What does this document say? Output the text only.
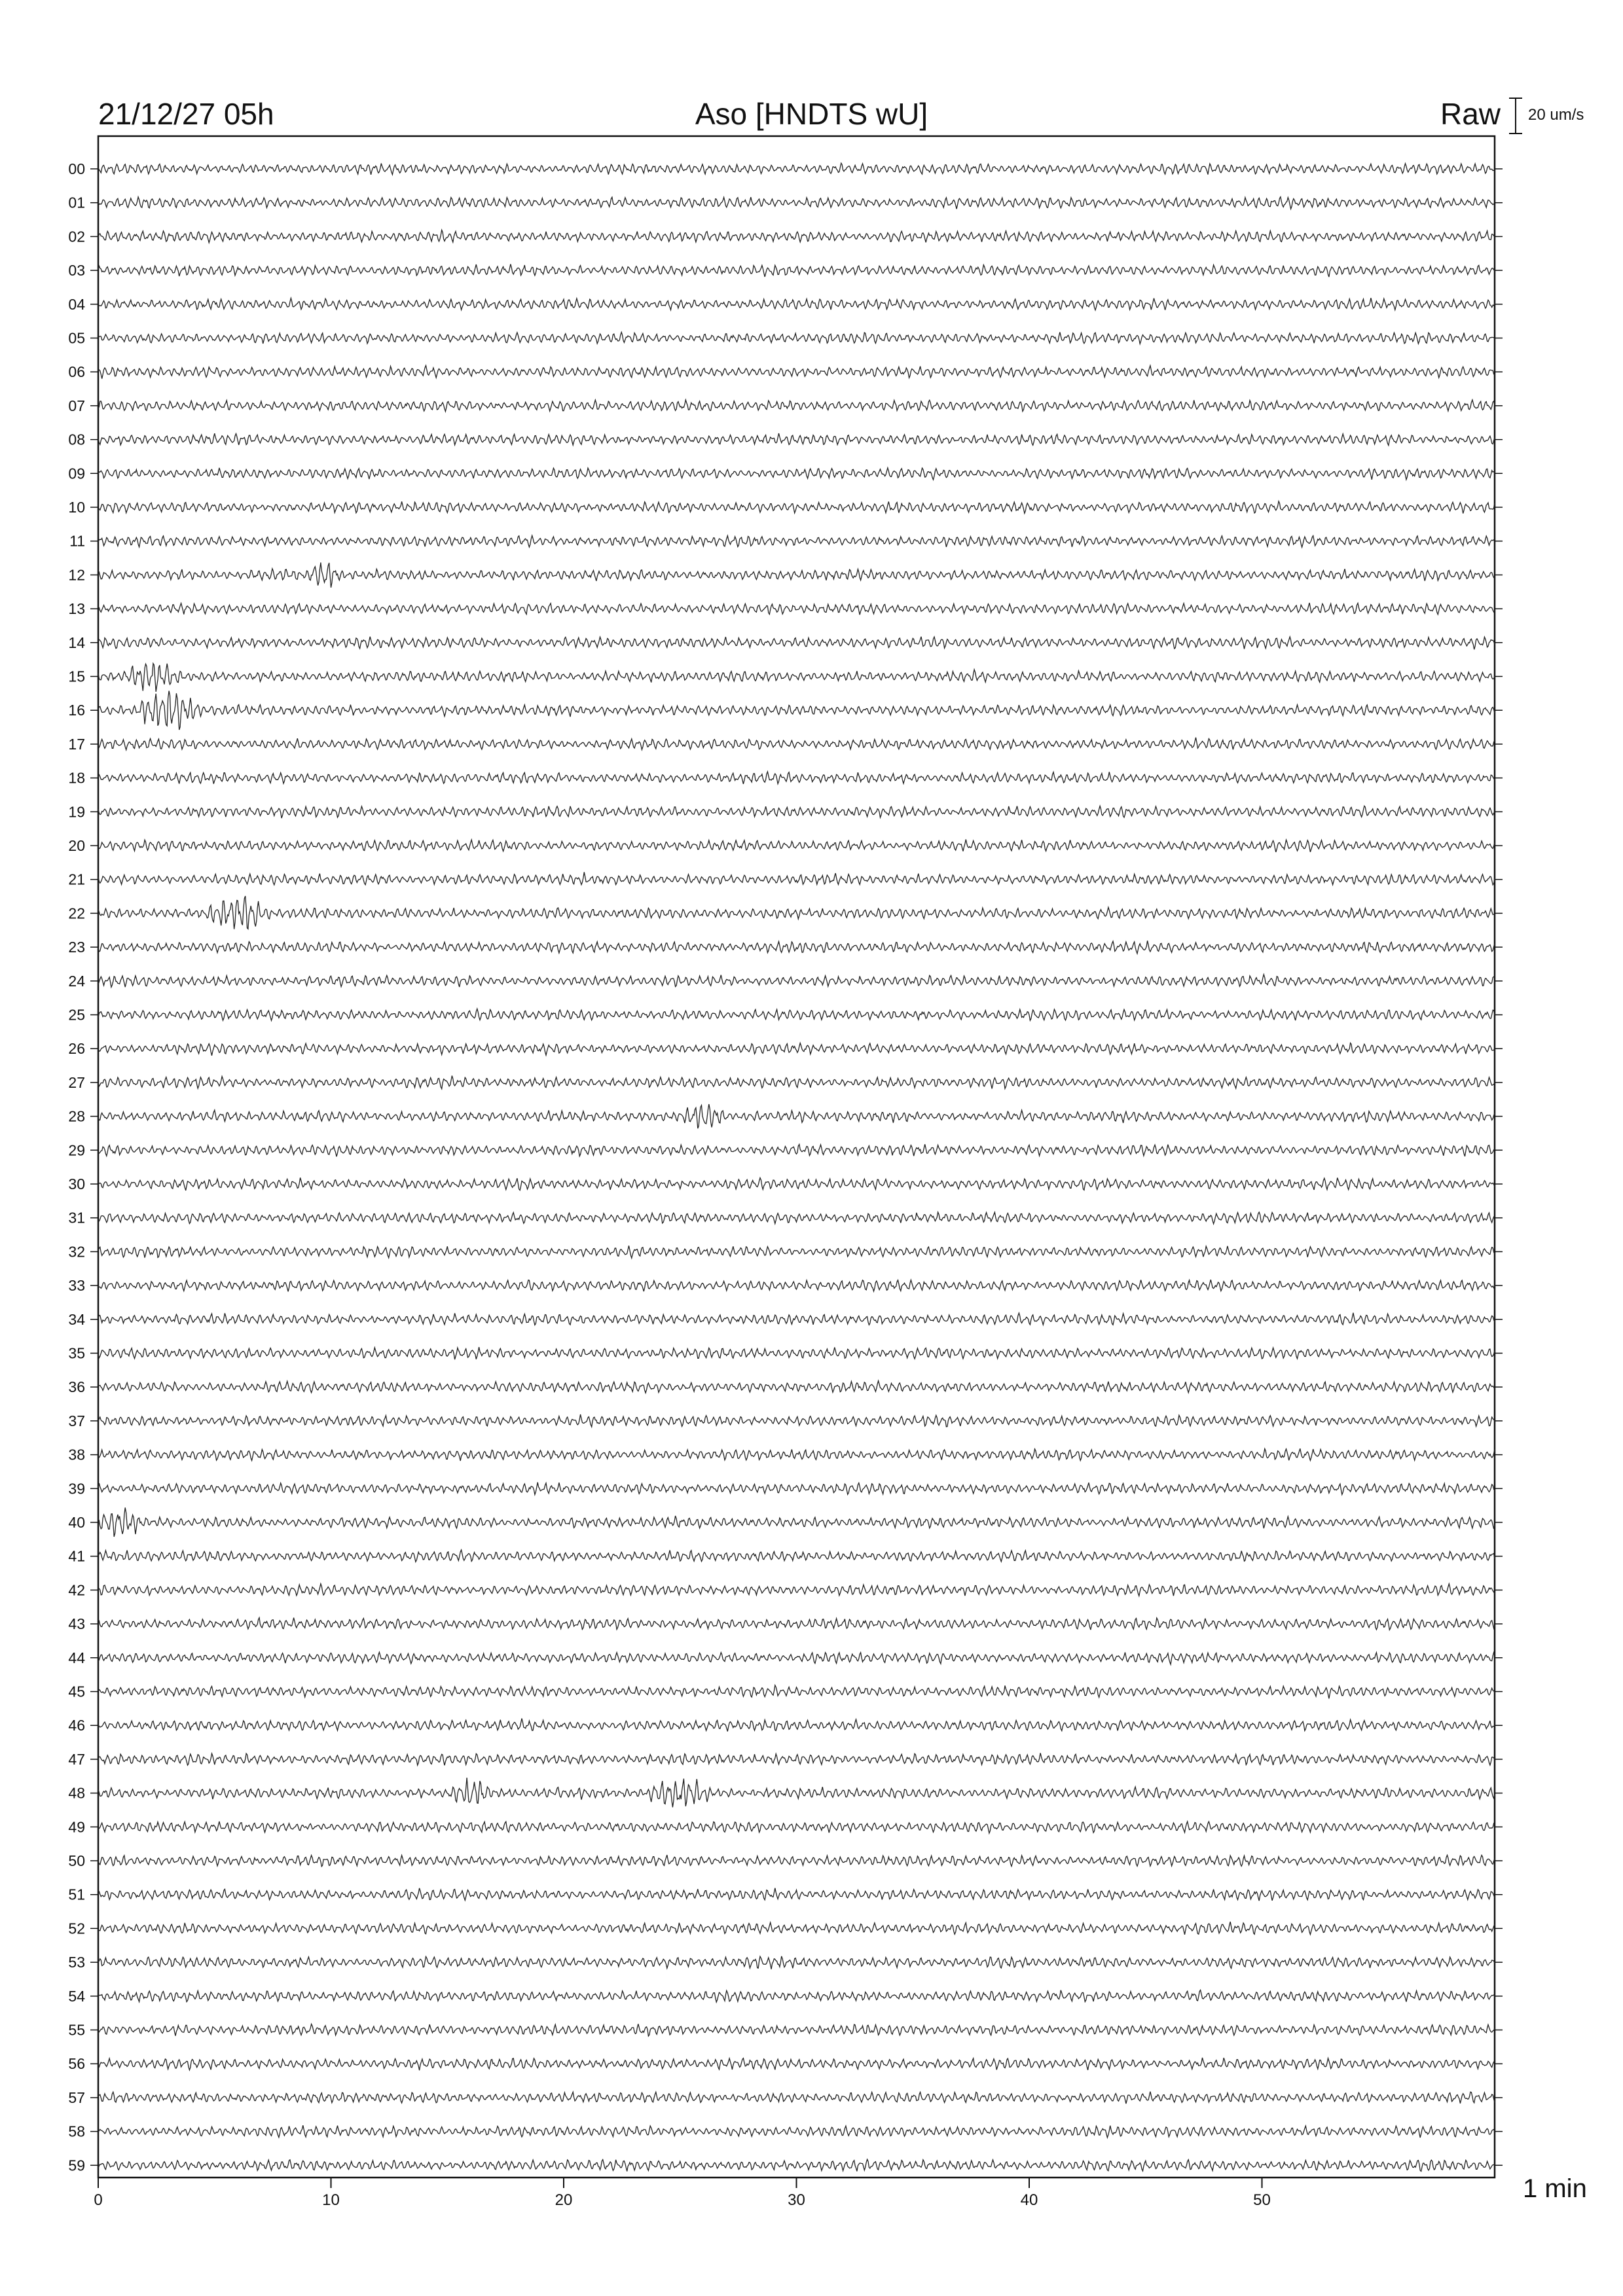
00
01
02
03
04
05
06
07
08
09
10
11
12
13
14
15
16
17
18
19
20
21
22
23
24
25
26
27
28
29
30
31
32
33
34
35
36
37
38
39
40
41
42
43
44
45
46
47
48
49
50
51
52
53
54
55
56
57
58
59
0	10	20	30	40	50
21/12/27 05h	Aso [HNDTS wU]	Raw 20 um/s
1 min
